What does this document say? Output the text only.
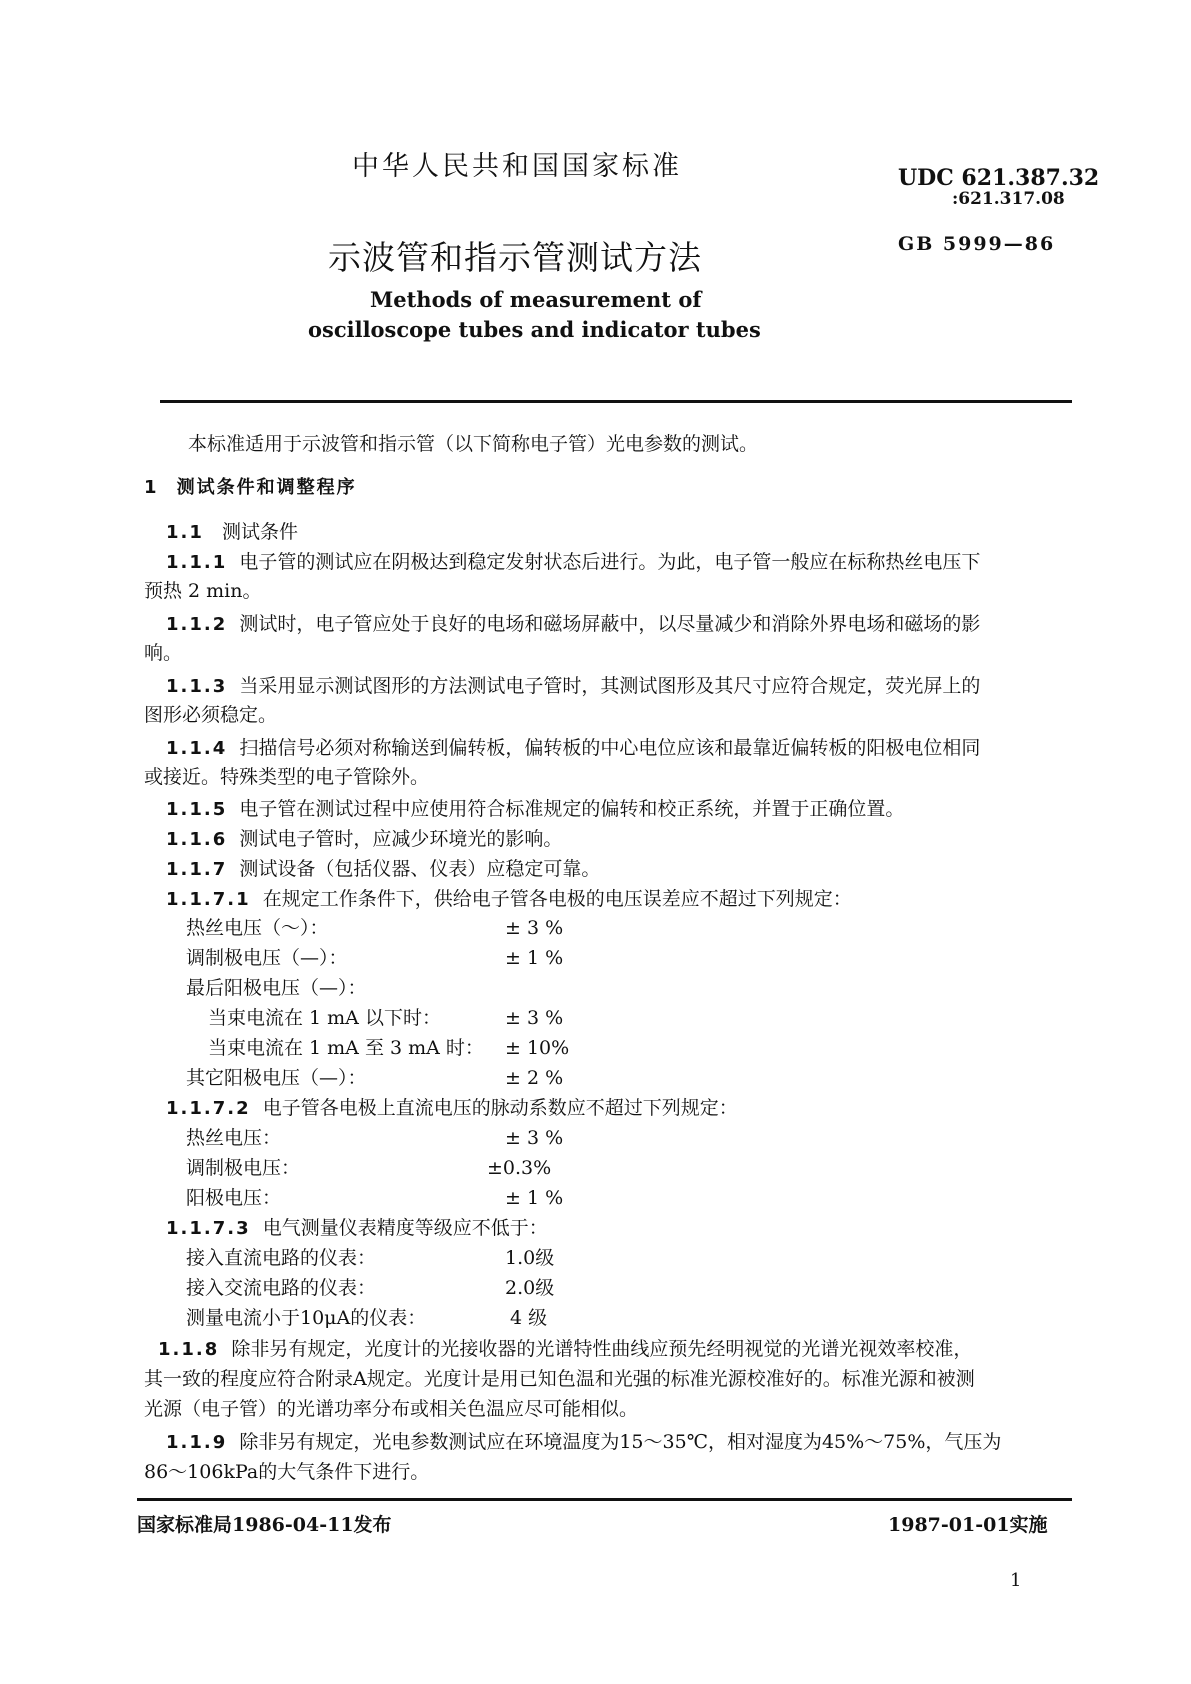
中华人民共和国国家标准	UDC 621.387.32
:621.317.08
示波管和指示管测试方法	GB 5999—86
Methods of measurement of
oscilloscope tubes and indicator tubes
本标准适用于示波管和指示管（以下简称电子管）光电参数的测试。
1 测试条件和调整程序
1.1 测试条件
1.1.1 电子管的测试应在阴极达到稳定发射状态后进行。为此，电子管一般应在标称热丝电压下
预热 2 min。
1.1.2 测试时，电子管应处于良好的电场和磁场屏蔽中，以尽量减少和消除外界电场和磁场的影
响。
1.1.3 当采用显示测试图形的方法测试电子管时，其测试图形及其尺寸应符合规定，荧光屏上的
图形必须稳定。
1.1.4 扫描信号必须对称输送到偏转板，偏转板的中心电位应该和最靠近偏转板的阳极电位相同
或接近。特殊类型的电子管除外。
1.1.5 电子管在测试过程中应使用符合标准规定的偏转和校正系统，并置于正确位置。
1.1.6 测试电子管时，应减少环境光的影响。
1.1.7 测试设备（包括仪器、仪表）应稳定可靠。
1.1.7.1 在规定工作条件下，供给电子管各电极的电压误差应不超过下列规定：
热丝电压（～）：	± 3 %
调制极电压（—）：	± 1 %
最后阳极电压（—）：
当束电流在 1 mA 以下时：	± 3 %
当束电流在 1 mA 至 3 mA 时： ± 10%
其它阳极电压（—）：	± 2 %
1.1.7.2 电子管各电极上直流电压的脉动系数应不超过下列规定：
热丝电压：	± 3 %
调制极电压：	±0.3%
阳极电压：	± 1 %
1.1.7.3 电气测量仪表精度等级应不低于：
接入直流电路的仪表：	1.0级
接入交流电路的仪表：	2.0级
测量电流小于10μA的仪表：	4 级
1.1.8 除非另有规定，光度计的光接收器的光谱特性曲线应预先经明视觉的光谱光视效率校准，
其一致的程度应符合附录A规定。光度计是用已知色温和光强的标准光源校准好的。标准光源和被测
光源（电子管）的光谱功率分布或相关色温应尽可能相似。
1.1.9 除非另有规定，光电参数测试应在环境温度为15～35℃，相对湿度为45%～75%，气压为
86～106kPa的大气条件下进行。
国家标准局1986-04-11发布	1987-01-01实施
1
